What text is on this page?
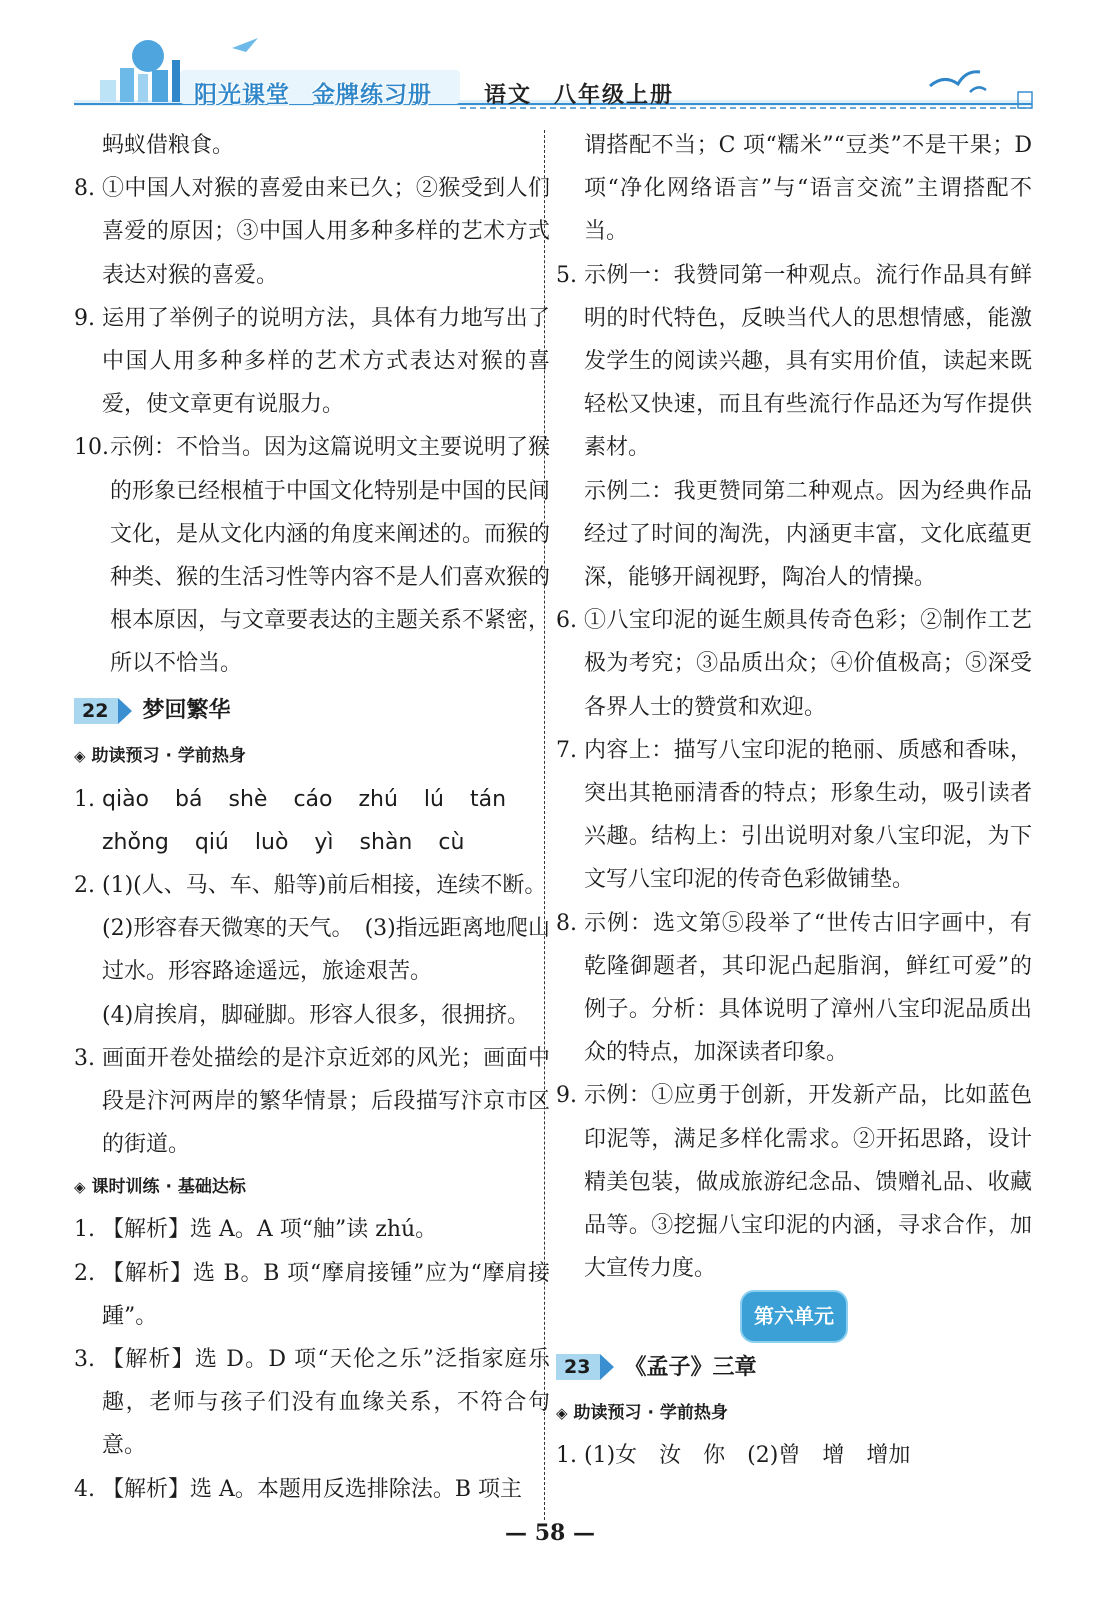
阳光课堂 金牌练习册	语文 八年级上册
蚂蚁借粮食。
8. ①中国人对猴的喜爱由来已久；②猴受到人们喜爱的原因；③中国人用多种多样的艺术方式表达对猴的喜爱。
9. 运用了举例子的说明方法，具体有力地写出了中国人用多种多样的艺术方式表达对猴的喜爱，使文章更有说服力。
10. 示例：不恰当。因为这篇说明文主要说明了猴的形象已经根植于中国文化特别是中国的民间文化，是从文化内涵的角度来阐述的。而猴的种类、猴的生活习性等内容不是人们喜欢猴的根本原因，与文章要表达的主题关系不紧密，所以不恰当。
22	梦回繁华
◈ 助读预习 · 学前热身
1. qiào bá shè cáo zhú lú tán
zhǒng qiú luò yì shàn cù
2. (1)(人、马、车、船等)前后相接，连续不断。
(2)形容春天微寒的天气。　 (3)指远距离地爬山过水。形容路途遥远，旅途艰苦。
(4)肩挨肩，脚碰脚。形容人很多，很拥挤。
3. 画面开卷处描绘的是汴京近郊的风光；画面中段是汴河两岸的繁华情景；后段描写汴京市区的街道。
◈ 课时训练 · 基础达标
1. 【解析】选 A。A 项“舳”读 zhú。
2. 【解析】选 B。B 项“摩肩接锺”应为“摩肩接踵”。
3. 【解析】选 D。D 项“天伦之乐”泛指家庭乐趣，老师与孩子们没有血缘关系，不符合句意。
4. 【解析】选 A。本题用反选排除法。B 项主
谓搭配不当；C 项“糯米”“豆类”不是干果；D 项“净化网络语言”与“语言交流”主谓搭配不当。
5. 示例一：我赞同第一种观点。流行作品具有鲜明的时代特色，反映当代人的思想情感，能激发学生的阅读兴趣，具有实用价值，读起来既轻松又快速，而且有些流行作品还为写作提供素材。
示例二：我更赞同第二种观点。因为经典作品经过了时间的淘洗，内涵更丰富，文化底蕴更深，能够开阔视野，陶冶人的情操。
6. ①八宝印泥的诞生颇具传奇色彩；②制作工艺极为考究；③品质出众；④价值极高；⑤深受各界人士的赞赏和欢迎。
7. 内容上：描写八宝印泥的艳丽、质感和香味，突出其艳丽清香的特点；形象生动，吸引读者兴趣。结构上：引出说明对象八宝印泥，为下文写八宝印泥的传奇色彩做铺垫。
8. 示例：选文第⑤段举了“世传古旧字画中，有乾隆御题者，其印泥凸起脂润，鲜红可爱”的例子。分析：具体说明了漳州八宝印泥品质出众的特点，加深读者印象。
9. 示例：①应勇于创新，开发新产品，比如蓝色印泥等，满足多样化需求。②开拓思路，设计精美包装，做成旅游纪念品、馈赠礼品、收藏品等。③挖掘八宝印泥的内涵，寻求合作，加大宣传力度。
第六单元
23	《孟子》三章
◈ 助读预习 · 学前热身
1. (1)女　汝　你　(2)曾　增　增加
— 58 —
